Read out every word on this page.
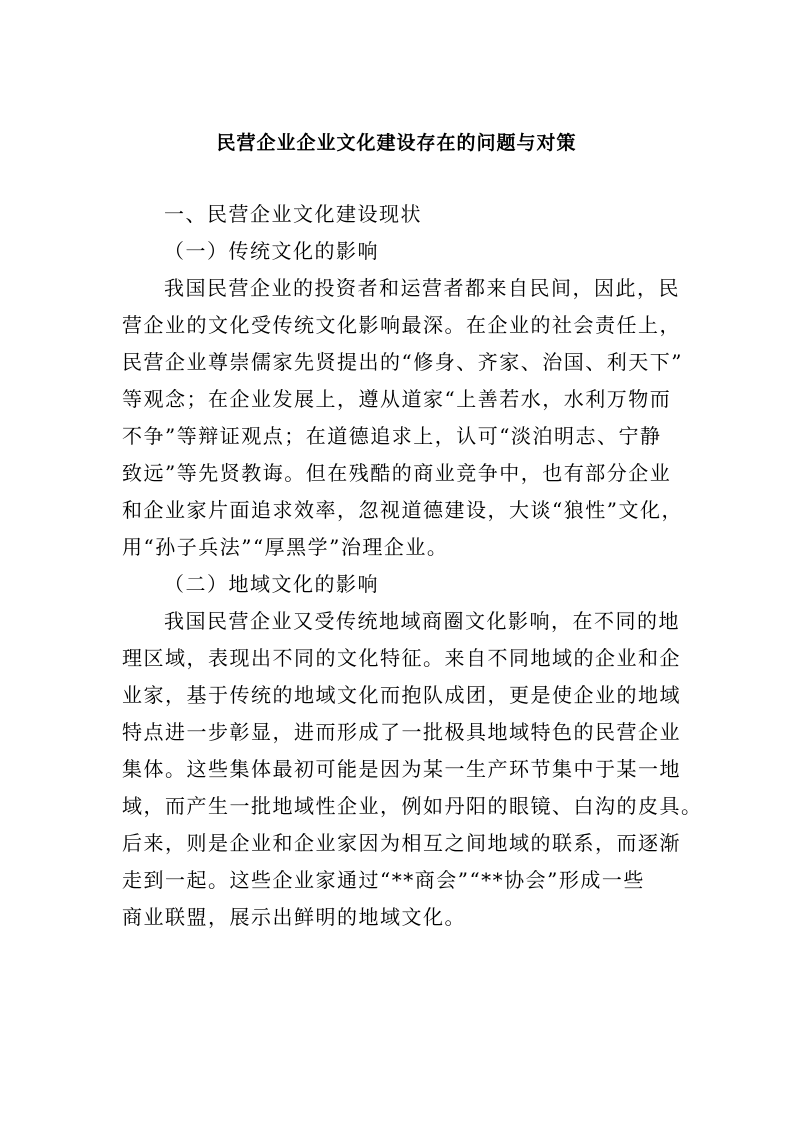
民营企业企业文化建设存在的问题与对策

一、民营企业文化建设现状

（一）传统文化的影响

我国民营企业的投资者和运营者都来自民间，因此，民
营企业的文化受传统文化影响最深。在企业的社会责任上，
民营企业尊崇儒家先贤提出的“修身、齐家、治国、利天下”
等观念；在企业发展上，遵从道家“上善若水，水利万物而
不争”等辩证观点；在道德追求上，认可“淡泊明志、宁静
致远”等先贤教诲。但在残酷的商业竞争中，也有部分企业
和企业家片面追求效率，忽视道德建设，大谈“狼性”文化，
用“孙子兵法”“厚黑学”治理企业。

（二）地域文化的影响

我国民营企业又受传统地域商圈文化影响，在不同的地
理区域，表现出不同的文化特征。来自不同地域的企业和企
业家，基于传统的地域文化而抱队成团，更是使企业的地域
特点进一步彰显，进而形成了一批极具地域特色的民营企业
集体。这些集体最初可能是因为某一生产环节集中于某一地
域，而产生一批地域性企业，例如丹阳的眼镜、白沟的皮具。
后来，则是企业和企业家因为相互之间地域的联系，而逐渐
走到一起。这些企业家通过“**商会”“**协会”形成一些
商业联盟，展示出鲜明的地域文化。
